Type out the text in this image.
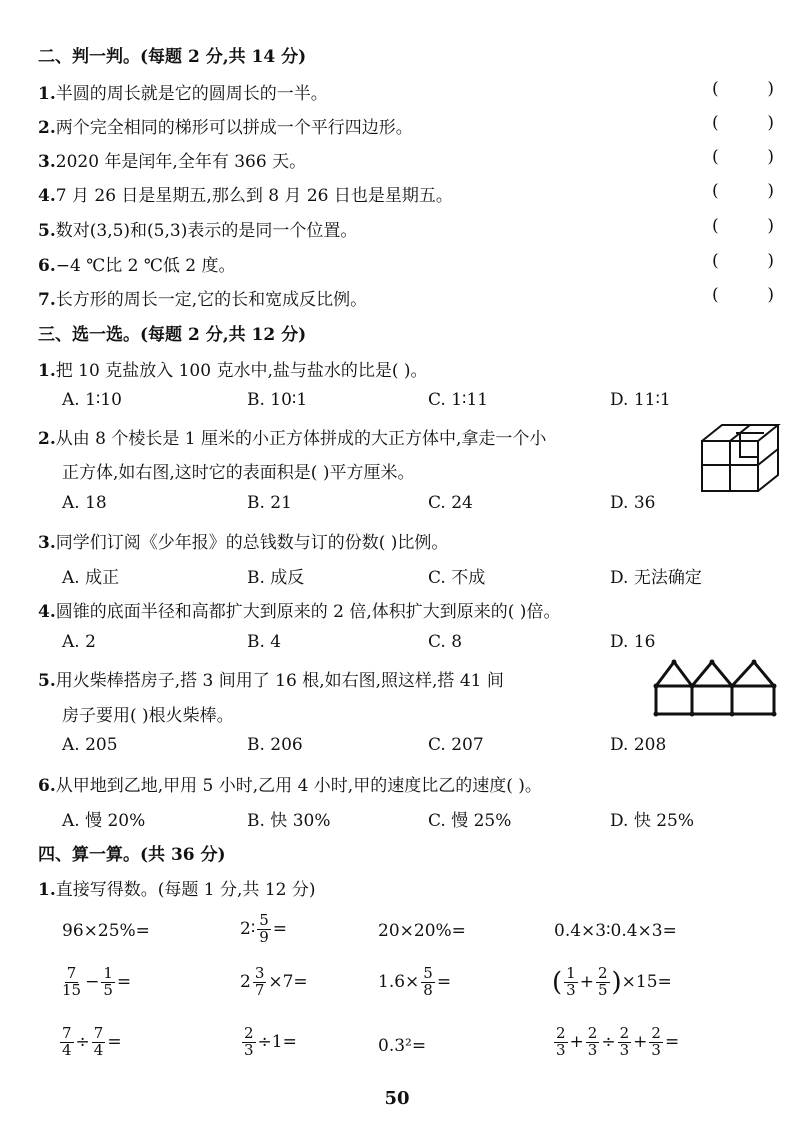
二、判一判。(每题 2 分,共 14 分)
1.半圆的周长就是它的圆周长的一半。	(	)
2.两个完全相同的梯形可以拼成一个平行四边形。	(	)
3.2020 年是闰年,全年有 366 天。	(	)
4.7 月 26 日是星期五,那么到 8 月 26 日也是星期五。	(	)
5.数对(3,5)和(5,3)表示的是同一个位置。	(	)
6.−4 ℃比 2 ℃低 2 度。	(	)
7.长方形的周长一定,它的长和宽成反比例。	(	)
三、选一选。(每题 2 分,共 12 分)
1.把 10 克盐放入 100 克水中,盐与盐水的比是( )。
A. 1∶10	B. 10∶1	C. 1∶11	D. 11∶1
2.从由 8 个棱长是 1 厘米的小正方体拼成的大正方体中,拿走一个小
正方体,如右图,这时它的表面积是( )平方厘米。
A. 18	B. 21	C. 24	D. 36
3.同学们订阅《少年报》的总钱数与订的份数( )比例。
A. 成正	B. 成反	C. 不成	D. 无法确定
4.圆锥的底面半径和高都扩大到原来的 2 倍,体积扩大到原来的( )倍。
A. 2	B. 4	C. 8	D. 16
5.用火柴棒搭房子,搭 3 间用了 16 根,如右图,照这样,搭 41 间
房子要用( )根火柴棒。
A. 205	B. 206	C. 207	D. 208
6.从甲地到乙地,甲用 5 小时,乙用 4 小时,甲的速度比乙的速度( )。
A. 慢 20%	B. 快 30%	C. 慢 25%	D. 快 25%
四、算一算。(共 36 分)
1.直接写得数。(每题 1 分,共 12 分)
96×25%=	2∶ $\frac{5}{9}$ =	20×20%=	0.4×3∶0.4×3=
$\frac{7}{15} - \frac{1}{5}$ =	$2 \frac{3}{7} \times 7=$	$1.6\times \frac{5}{8}$ =	( $\frac{1}{3} + \frac{2}{5} )\times 15=$
$\frac{7}{4} \div \frac{7}{4}$ =	$\frac{2}{3} \div 1=$	0.3²=	$\frac{2}{3} + \frac{2}{3} \div \frac{2}{3} + \frac{2}{3}$ =
50
